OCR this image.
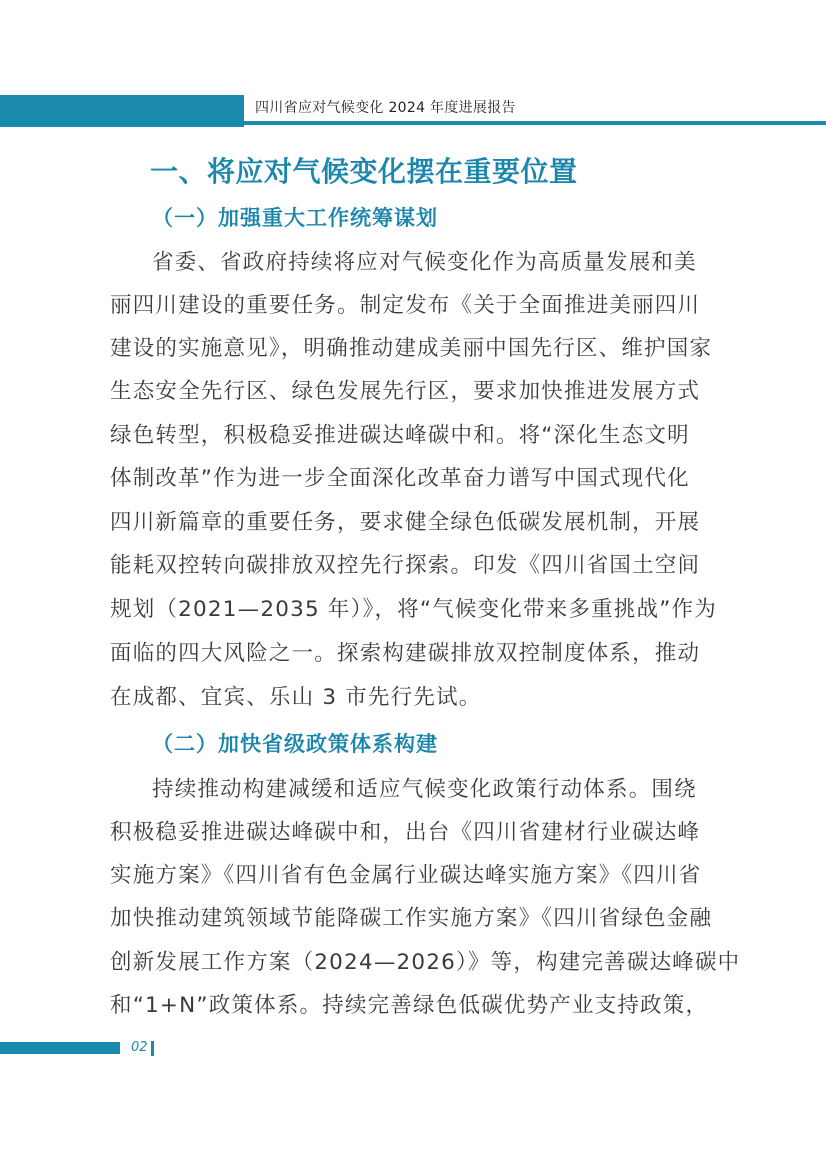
四川省应对气候变化 2024 年度进展报告
一、将应对气候变化摆在重要位置
（一）加强重大工作统筹谋划
省委、省政府持续将应对气候变化作为高质量发展和美
丽四川建设的重要任务。制定发布《关于全面推进美丽四川
建设的实施意见》，明确推动建成美丽中国先行区、维护国家
生态安全先行区、绿色发展先行区，要求加快推进发展方式
绿色转型，积极稳妥推进碳达峰碳中和。将“深化生态文明
体制改革”作为进一步全面深化改革奋力谱写中国式现代化
四川新篇章的重要任务，要求健全绿色低碳发展机制，开展
能耗双控转向碳排放双控先行探索。印发《四川省国土空间
规划（2021—2035 年）》，将“气候变化带来多重挑战”作为
面临的四大风险之一。探索构建碳排放双控制度体系，推动
在成都、宜宾、乐山 3 市先行先试。
（二）加快省级政策体系构建
持续推动构建减缓和适应气候变化政策行动体系。围绕
积极稳妥推进碳达峰碳中和，出台《四川省建材行业碳达峰
实施方案》《四川省有色金属行业碳达峰实施方案》《四川省
加快推动建筑领域节能降碳工作实施方案》《四川省绿色金融
创新发展工作方案（2024—2026）》等，构建完善碳达峰碳中
和“1+N”政策体系。持续完善绿色低碳优势产业支持政策，
02
